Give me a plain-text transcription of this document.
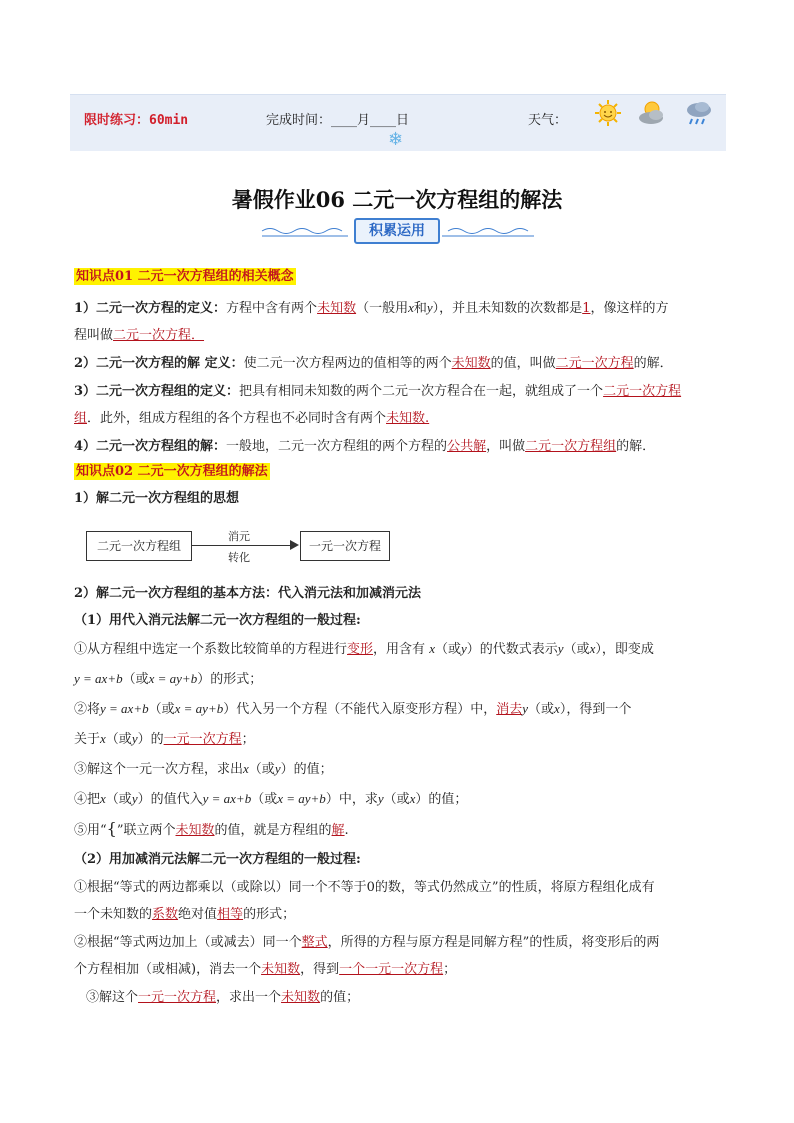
限时练习：60min	完成时间：____月____日	天气：
❄
暑假作业06 二元一次方程组的解法
积累运用
知识点01 二元一次方程组的相关概念
1）二元一次方程的定义：方程中含有两个未知数（一般用x和y），并且未知数的次数都是1，像这样的方
程叫做二元一次方程．
2）二元一次方程的解 定义：使二元一次方程两边的值相等的两个未知数的值，叫做二元一次方程的解．
3）二元一次方程组的定义：把具有相同未知数的两个二元一次方程合在一起，就组成了一个二元一次方程
组．此外，组成方程组的各个方程也不必同时含有两个未知数.
4）二元一次方程组的解：一般地，二元一次方程组的两个方程的公共解，叫做二元一次方程组的解．
知识点02 二元一次方程组的解法
1）解二元一次方程组的思想
二元一次方程组
消元
转化
一元一次方程
2）解二元一次方程组的基本方法：代入消元法和加减消元法
（1）用代入消元法解二元一次方程组的一般过程:
①从方程组中选定一个系数比较简单的方程进行变形，用含有 x（或y）的代数式表示y（或x），即变成
y = ax+b（或x = ay+b）的形式；
②将y = ax+b（或x = ay+b）代入另一个方程（不能代入原变形方程）中，消去y（或x），得到一个
关于x（或y）的一元一次方程；
③解这个一元一次方程，求出x（或y）的值；
④把x（或y）的值代入y = ax+b（或x = ay+b）中，求y（或x）的值；
⑤用“{”联立两个未知数的值，就是方程组的解.
（2）用加减消元法解二元一次方程组的一般过程:
①根据“等式的两边都乘以（或除以）同一个不等于0的数，等式仍然成立”的性质，将原方程组化成有
一个未知数的系数绝对值相等的形式；
②根据“等式两边加上（或减去）同一个整式，所得的方程与原方程是同解方程”的性质，将变形后的两
个方程相加（或相减)，消去一个未知数，得到一个一元一次方程；
③解这个一元一次方程，求出一个未知数的值；
